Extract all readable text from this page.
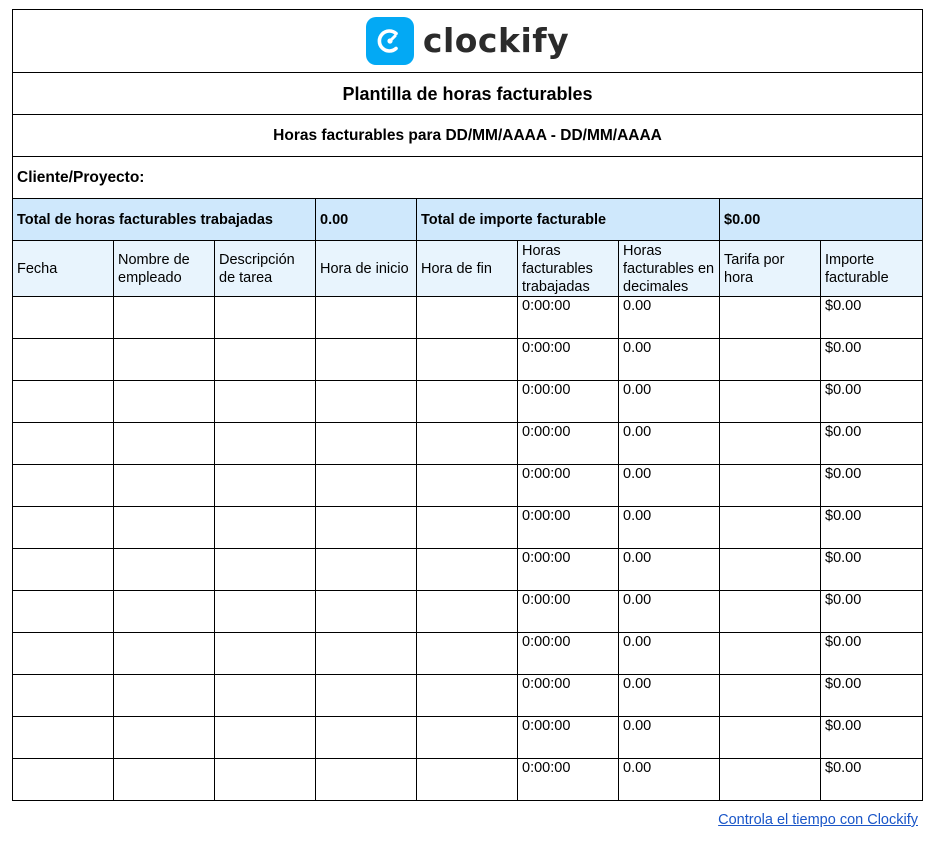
clockify								

Plantilla de horas facturables								
Horas facturables para DD/MM/AAAA - DD/MM/AAAA								
Cliente/Proyecto:								
Total de horas facturables trabajadas			0.00	Total de importe facturable			$0.00	
Fecha	Nombre de empleado	Descripción de tarea	Hora de inicio	Hora de fin	Horas facturables trabajadas	Horas facturables en decimales	Tarifa por hora	Importe facturable
					0:00:00	0.00		$0.00
					0:00:00	0.00		$0.00
					0:00:00	0.00		$0.00
					0:00:00	0.00		$0.00
					0:00:00	0.00		$0.00
					0:00:00	0.00		$0.00
					0:00:00	0.00		$0.00
					0:00:00	0.00		$0.00
					0:00:00	0.00		$0.00
					0:00:00	0.00		$0.00
					0:00:00	0.00		$0.00
					0:00:00	0.00		$0.00
Controla el tiempo con Clockify
